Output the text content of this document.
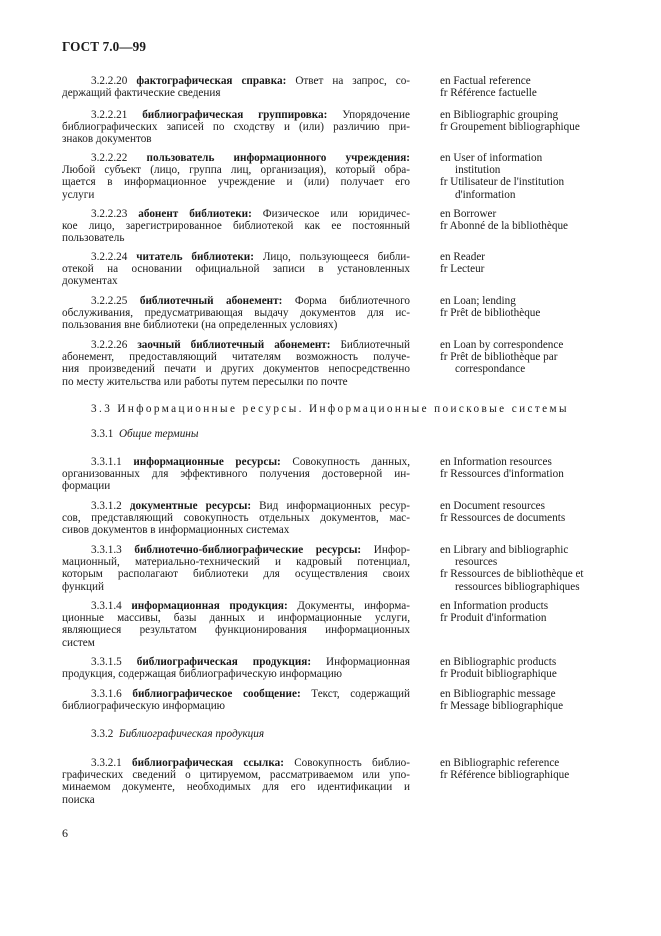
ГОСТ 7.0—99
3.2.2.20 фактографическая справка: Ответ на запрос, со-
держащий фактические сведения
en Factual reference
fr Référence factuelle
3.2.2.21 библиографическая группировка: Упорядочение
библиографических записей по сходству и (или) различию при-
знаков документов
en Bibliographic grouping
fr Groupement bibliographique
3.2.2.22 пользователь информационного учреждения:
Любой субъект (лицо, группа лиц, организация), который обра-
щается в информационное учреждение и (или) получает его
услуги
en User of information
institution
fr Utilisateur de l'institution
d'information
3.2.2.23 абонент библиотеки: Физическое или юридичес-
кое лицо, зарегистрированное библиотекой как ее постоянный
пользователь
en Borrower
fr Abonné de la bibliothèque
3.2.2.24 читатель библиотеки: Лицо, пользующееся библи-
отекой на основании официальной записи в установленных
документах
en Reader
fr Lecteur
3.2.2.25 библиотечный абонемент: Форма библиотечного
обслуживания, предусматривающая выдачу документов для ис-
пользования вне библиотеки (на определенных условиях)
en Loan; lending
fr Prêt de bibliothèque
3.2.2.26 заочный библиотечный абонемент: Библиотечный
абонемент, предоставляющий читателям возможность получе-
ния произведений печати и других документов непосредственно
по месту жительства или работы путем пересылки по почте
en Loan by correspondence
fr Prêt de bibliothèque par
correspondance
3.3.1.1 информационные ресурсы: Совокупность данных,
организованных для эффективного получения достоверной ин-
формации
en Information resources
fr Ressources d'information
3.3.1.2 документные ресурсы: Вид информационных ресур-
сов, представляющий совокупность отдельных документов, мас-
сивов документов в информационных системах
en Document resources
fr Ressources de documents
3.3.1.3 библиотечно-библиографические ресурсы: Инфор-
мационный, материально-технический и кадровый потенциал,
которым располагают библиотеки для осуществления своих
функций
en Library and bibliographic
resources
fr Ressources de bibliothèque et
ressources bibliographiques
3.3.1.4 информационная продукция: Документы, информа-
ционные массивы, базы данных и информационные услуги,
являющиеся результатом функционирования информационных
систем
en Information products
fr Produit d'information
3.3.1.5 библиографическая продукция: Информационная
продукция, содержащая библиографическую информацию
en Bibliographic products
fr Produit bibliographique
3.3.1.6 библиографическое сообщение: Текст, содержащий
библиографическую информацию
en Bibliographic message
fr Message bibliographique
3.3.2.1 библиографическая ссылка: Совокупность библио-
графических сведений о цитируемом, рассматриваемом или упо-
минаемом документе, необходимых для его идентификации и
поиска
en Bibliographic reference
fr Référence bibliographique
3.3 Информационные ресурсы. Информационные поисковые системы
3.3.1 Общие термины
3.3.2 Библиографическая продукция
6
